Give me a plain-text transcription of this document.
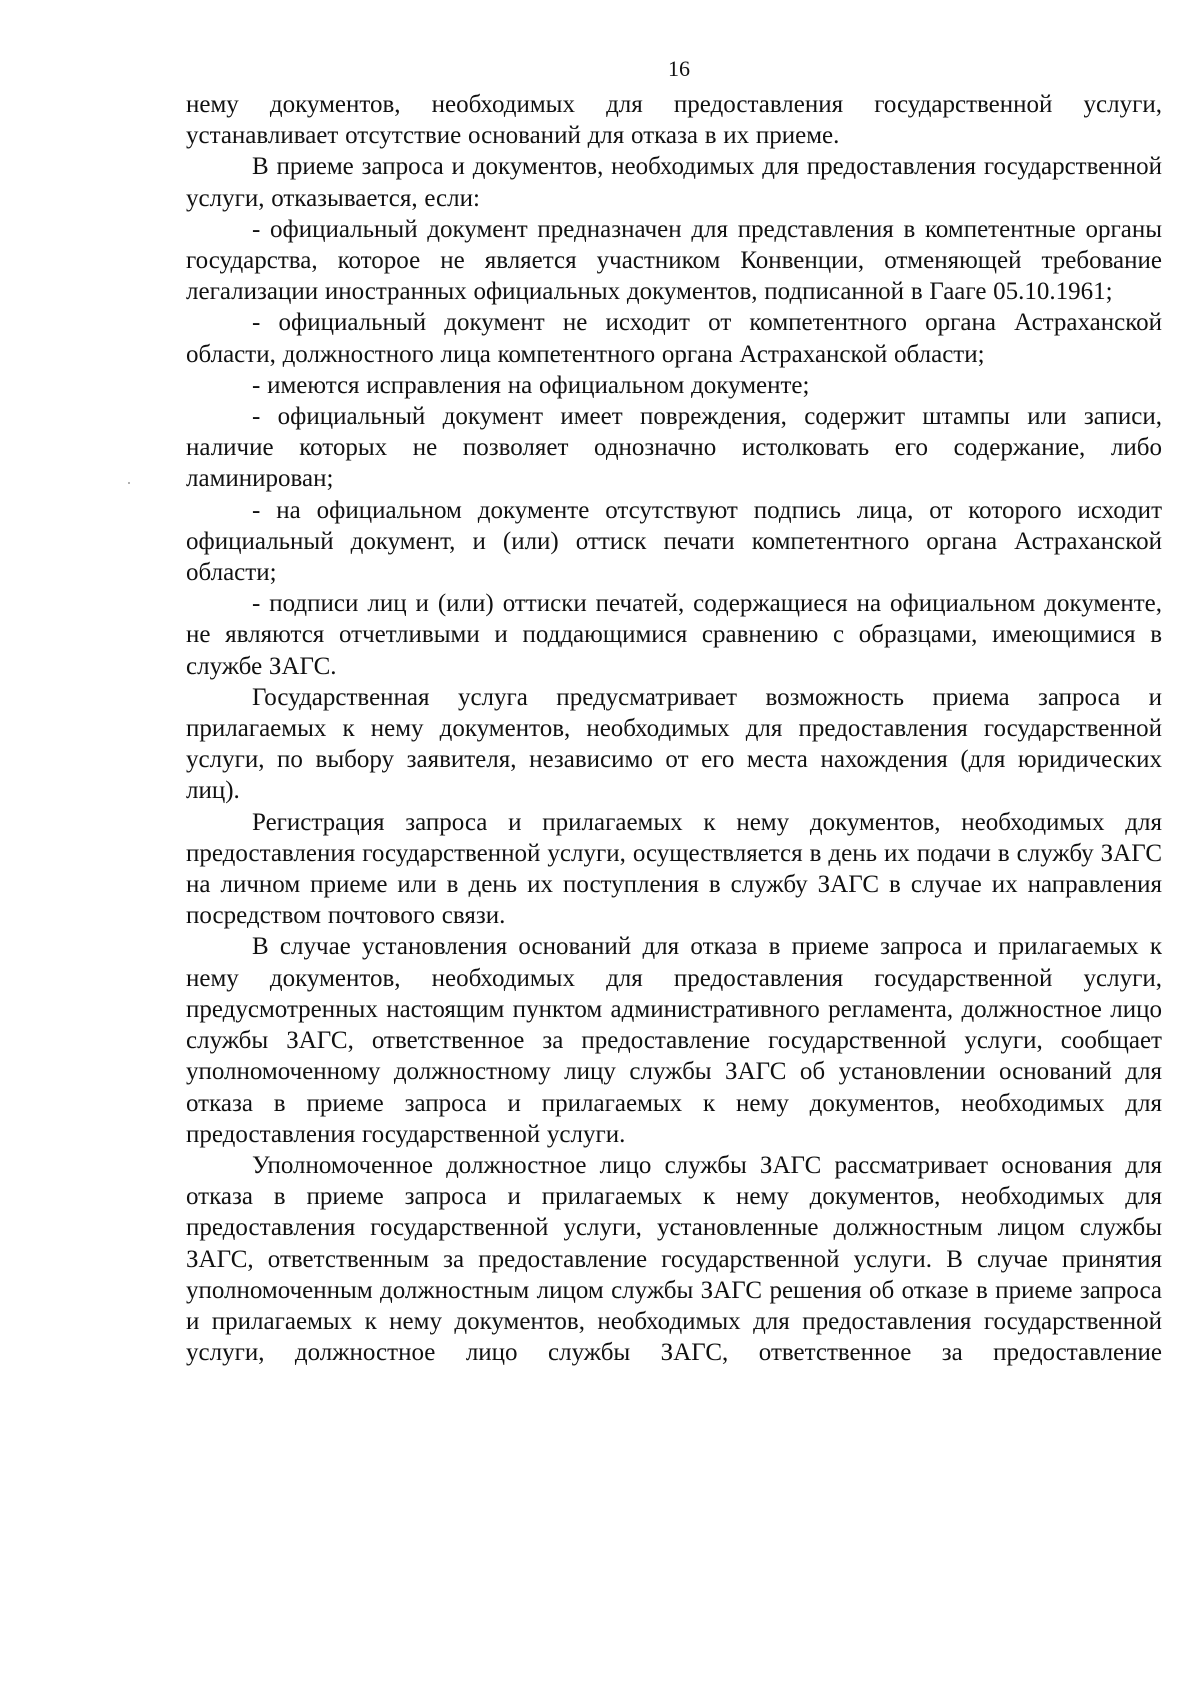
16

нему документов, необходимых для предоставления государственной услуги, устанавливает отсутствие оснований для отказа в их приеме.

В приеме запроса и документов, необходимых для предоставления государственной услуги, отказывается, если:

- официальный документ предназначен для представления в компетентные органы государства, которое не является участником Конвенции, отменяющей требование легализации иностранных официальных документов, подписанной в Гааге 05.10.1961;

- официальный документ не исходит от компетентного органа Астраханской области, должностного лица компетентного органа Астраханской области;

- имеются исправления на официальном документе;

- официальный документ имеет повреждения, содержит штампы или записи, наличие которых не позволяет однозначно истолковать его содержание, либо ламинирован;

- на официальном документе отсутствуют подпись лица, от которого исходит официальный документ, и (или) оттиск печати компетентного органа Астраханской области;

- подписи лиц и (или) оттиски печатей, содержащиеся на официальном документе, не являются отчетливыми и поддающимися сравнению с образцами, имеющимися в службе ЗАГС.

Государственная услуга предусматривает возможность приема запроса и прилагаемых к нему документов, необходимых для предоставления государственной услуги, по выбору заявителя, независимо от его места нахождения (для юридических лиц).

Регистрация запроса и прилагаемых к нему документов, необходимых для предоставления государственной услуги, осуществляется в день их подачи в службу ЗАГС на личном приеме или в день их поступления в службу ЗАГС в случае их направления посредством почтового связи.

В случае установления оснований для отказа в приеме запроса и прилагаемых к нему документов, необходимых для предоставления государственной услуги, предусмотренных настоящим пунктом административного регламента, должностное лицо службы ЗАГС, ответственное за предоставление государственной услуги, сообщает уполномоченному должностному лицу службы ЗАГС об установлении оснований для отказа в приеме запроса и прилагаемых к нему документов, необходимых для предоставления государственной услуги.

Уполномоченное должностное лицо службы ЗАГС рассматривает основания для отказа в приеме запроса и прилагаемых к нему документов, необходимых для предоставления государственной услуги, установленные должностным лицом службы ЗАГС, ответственным за предоставление государственной услуги. В случае принятия уполномоченным должностным лицом службы ЗАГС решения об отказе в приеме запроса и прилагаемых к нему документов, необходимых для предоставления государственной услуги, должностное лицо службы ЗАГС, ответственное за предоставление
